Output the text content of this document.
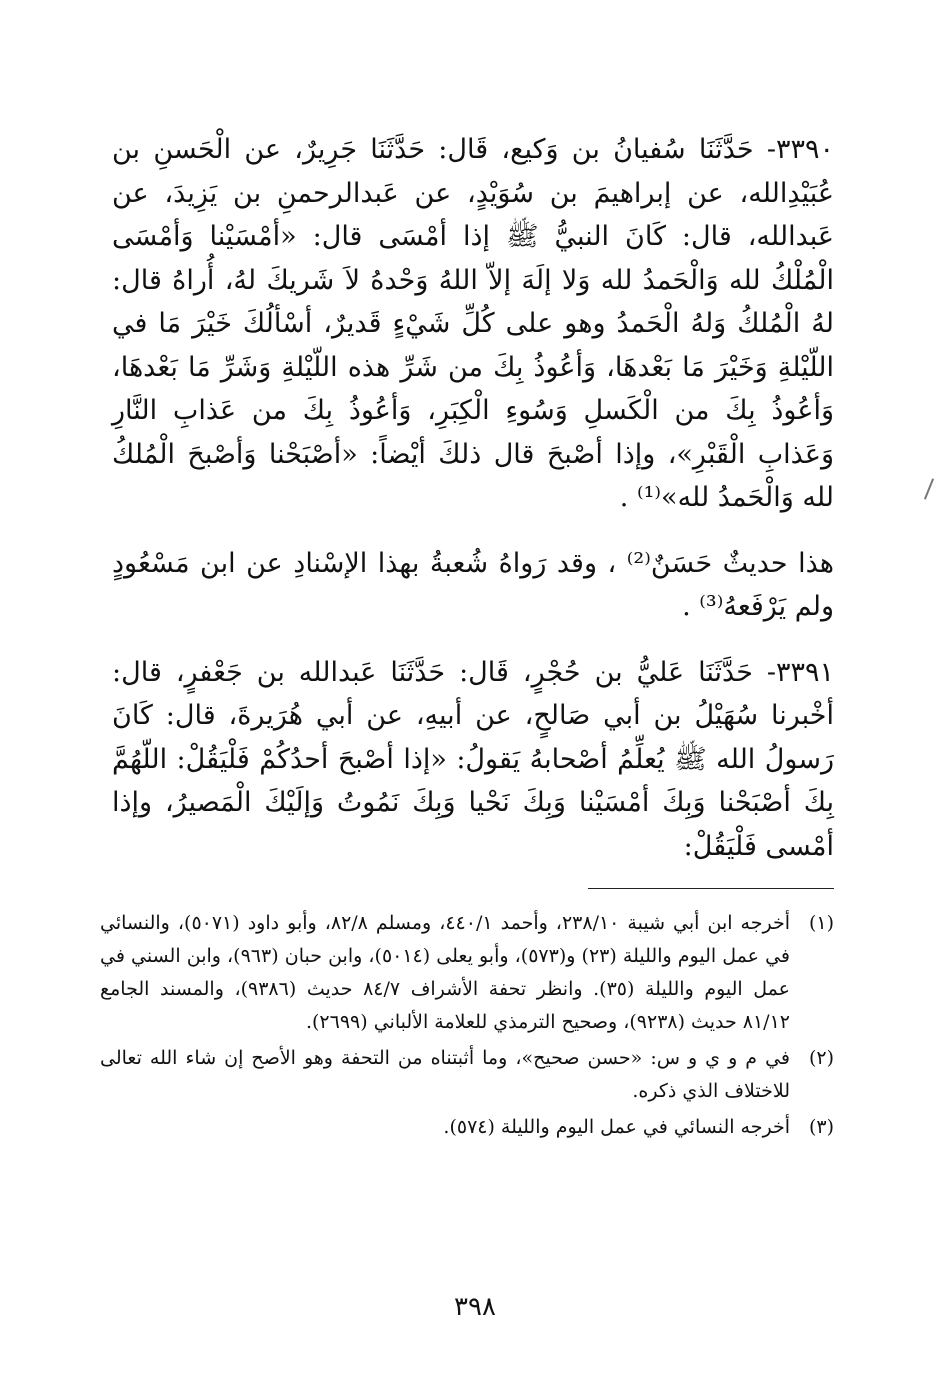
٣٣٩٠- حَدَّثَنَا سُفيانُ بن وَكيع، قَال: حَدَّثَنَا جَرِيرٌ، عن الْحَسنِ بن عُبَيْدِالله، عن إبراهيمَ بن سُوَيْدٍ، عن عَبدالرحمنِ بن يَزِيدَ، عن عَبدالله، قال: كَانَ النبيُّ ﷺ إذا أمْسَى قال: «أمْسَيْنا وَأمْسَى الْمُلْكُ لله وَالْحَمدُ لله وَلا إلَهَ إلاّ اللهُ وَحْدهُ لاَ شَريكَ لهُ، أُراهُ قال: لهُ الْمُلكُ وَلهُ الْحَمدُ وهو على كُلِّ شَيْءٍ قَديرٌ، أسْألُكَ خَيْرَ مَا في اللّيْلةِ وَخَيْرَ مَا بَعْدهَا، وَأعُوذُ بِكَ من شَرِّ هذه اللّيْلةِ وَشَرِّ مَا بَعْدهَا، وَأعُوذُ بِكَ من الْكَسلِ وَسُوءِ الْكِبَرِ، وَأعُوذُ بِكَ من عَذابِ النَّارِ وَعَذابِ الْقَبْرِ»، وإذا أصْبحَ قال ذلكَ أيْضاً: «أصْبَحْنا وَأصْبحَ الْمُلكُ لله وَالْحَمدُ لله»⁽¹⁾ .

هذا حديثٌ حَسَنٌ⁽²⁾ ، وقد رَواهُ شُعبةُ بهذا الإسْنادِ عن ابن مَسْعُودٍ ولم يَرْفَعهُ⁽³⁾ .

٣٣٩١- حَدَّثَنَا عَليُّ بن حُجْرٍ، قَال: حَدَّثَنَا عَبدالله بن جَعْفرٍ، قال: أخْبرنا سُهَيْلُ بن أبي صَالحٍ، عن أبيهِ، عن أبي هُرَيرةَ، قال: كَانَ رَسولُ الله ﷺ يُعلِّمُ أصْحابهُ يَقولُ: «إذا أصْبحَ أحدُكُمْ فَلْيَقُلْ: اللّهُمَّ بِكَ أصْبَحْنا وَبِكَ أمْسَيْنا وَبِكَ نَحْيا وَبِكَ نَمُوتُ وَإلَيْكَ الْمَصيرُ، وإذا أمْسى فَلْيَقُلْ:

(١)
أخرجه ابن أبي شيبة ٢٣٨/١٠، وأحمد ٤٤٠/١، ومسلم ٨٢/٨، وأبو داود (٥٠٧١)، والنسائي في عمل اليوم والليلة (٢٣) و(٥٧٣)، وأبو يعلى (٥٠١٤)، وابن حبان (٩٦٣)، وابن السني في عمل اليوم والليلة (٣٥). وانظر تحفة الأشراف ٨٤/٧ حديث (٩٣٨٦)، والمسند الجامع ٨١/١٢ حديث (٩٢٣٨)، وصحيح الترمذي للعلامة الألباني (٢٦٩٩).
(٢)
في م و ي و س: «حسن صحيح»، وما أثبتناه من التحفة وهو الأصح إن شاء الله تعالى للاختلاف الذي ذكره.
(٣)
أخرجه النسائي في عمل اليوم والليلة (٥٧٤).
٣٩٨
